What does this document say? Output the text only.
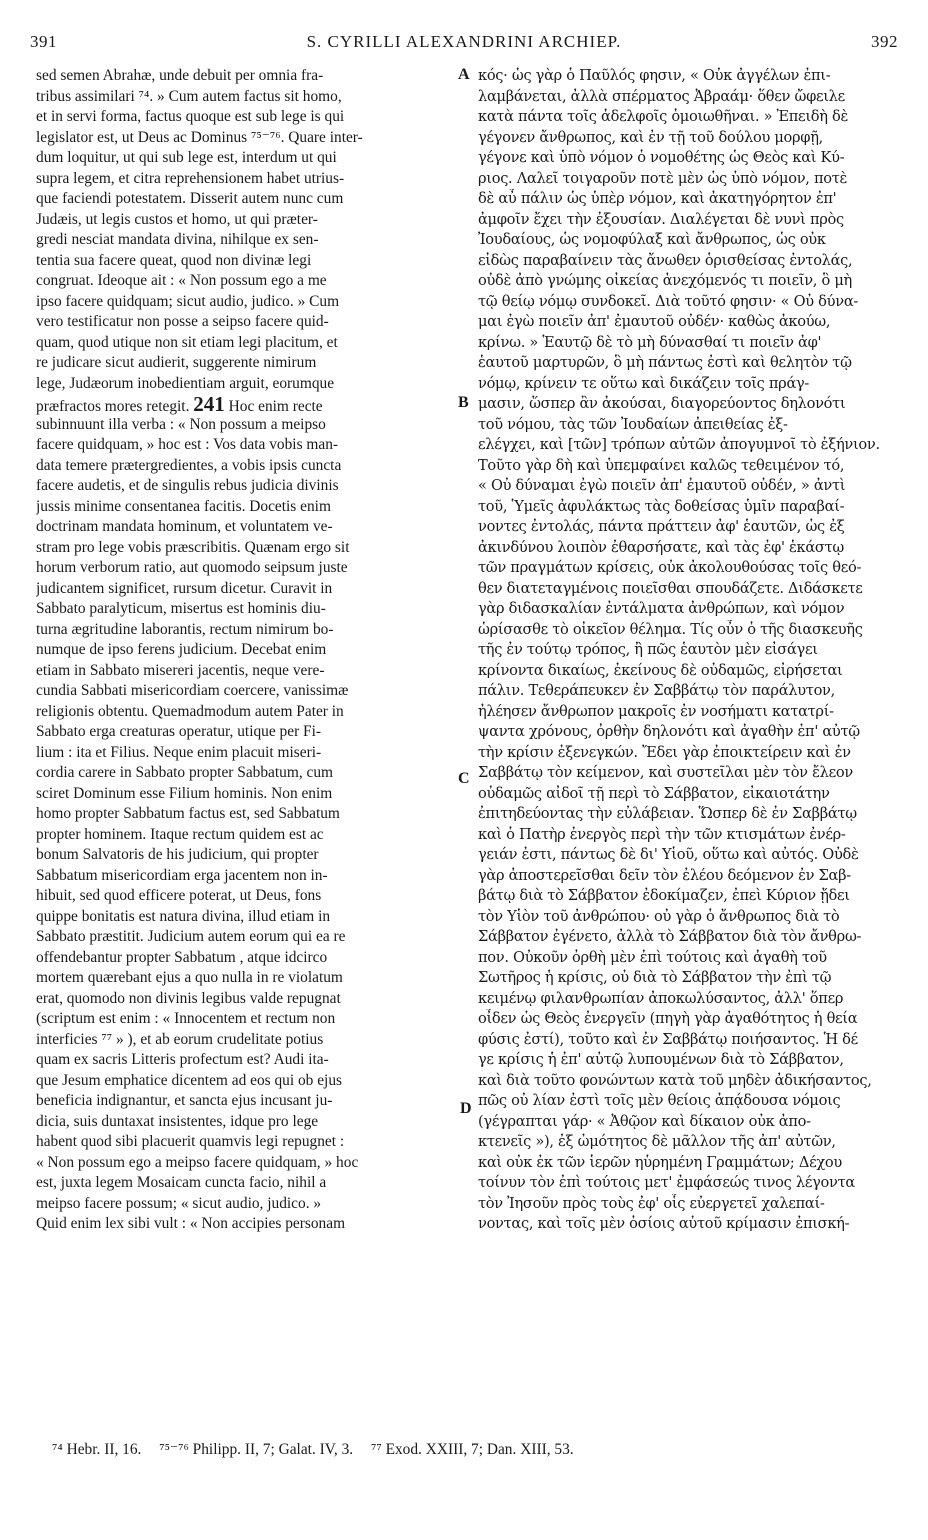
391	S. CYRILLI ALEXANDRINI ARCHIEP.	392
sed semen Abrahæ, unde debuit per omnia fra-
tribus assimilari ⁷⁴. » Cum autem factus sit homo,
et in servi forma, factus quoque est sub lege is qui
legislator est, ut Deus ac Dominus ⁷⁵⁻⁷⁶. Quare inter-
dum loquitur, ut qui sub lege est, interdum ut qui
supra legem, et citra reprehensionem habet utrius-
que faciendi potestatem. Disserit autem nunc cum
Judæis, ut legis custos et homo, ut qui præter-
gredi nesciat mandata divina, nihilque ex sen-
tentia sua facere queat, quod non divinæ legi
congruat. Ideoque ait : « Non possum ego a me
ipso facere quidquam; sicut audio, judico. » Cum
vero testificatur non posse a seipso facere quid-
quam, quod utique non sit etiam legi placitum, et
re judicare sicut audierit, suggerente nimirum
lege, Judæorum inobedientiam arguit, eorumque
præfractos mores retegit. 241 Hoc enim recte
subinnuunt illa verba : « Non possum a meipso
facere quidquam, » hoc est : Vos data vobis man-
data temere prætergredientes, a vobis ipsis cuncta
facere audetis, et de singulis rebus judicia divinis
jussis minime consentanea facitis. Docetis enim
doctrinam mandata hominum, et voluntatem ve-
stram pro lege vobis præscribitis. Quænam ergo sit
horum verborum ratio, aut quomodo seipsum juste
judicantem significet, rursum dicetur. Curavit in
Sabbato paralyticum, misertus est hominis diu-
turna ægritudine laborantis, rectum nimirum bo-
numque de ipso ferens judicium. Decebat enim
etiam in Sabbato misereri jacentis, neque vere-
cundia Sabbati misericordiam coercere, vanissimæ
religionis obtentu. Quemadmodum autem Pater in
Sabbato erga creaturas operatur, utique per Fi-
lium : ita et Filius. Neque enim placuit miseri-
cordia carere in Sabbato propter Sabbatum, cum
sciret Dominum esse Filium hominis. Non enim
homo propter Sabbatum factus est, sed Sabbatum
propter hominem. Itaque rectum quidem est ac
bonum Salvatoris de his judicium, qui propter
Sabbatum misericordiam erga jacentem non in-
hibuit, sed quod efficere poterat, ut Deus, fons
quippe bonitatis est natura divina, illud etiam in
Sabbato præstitit. Judicium autem eorum qui ea re
offendebantur propter Sabbatum , atque idcirco
mortem quærebant ejus a quo nulla in re violatum
erat, quomodo non divinis legibus valde repugnat
(scriptum est enim : « Innocentem et rectum non
interficies ⁷⁷ » ), et ab eorum crudelitate potius
quam ex sacris Litteris profectum est? Audi ita-
que Jesum emphatice dicentem ad eos qui ob ejus
beneficia indignantur, et sancta ejus incusant ju-
dicia, suis duntaxat insistentes, idque pro lege
habent quod sibi placuerit quamvis legi repugnet :
« Non possum ego a meipso facere quidquam, » hoc
est, juxta legem Mosaicam cuncta facio, nihil a
meipso facere possum; « sicut audio, judico. »
Quid enim lex sibi vult : « Non accipies personam
κός· ὡς γὰρ ὁ Παῦλός φησιν, « Οὐκ ἀγγέλων ἐπι-
λαμβάνεται, ἀλλὰ σπέρματος Ἀβραάμ· ὅθεν ὤφειλε
κατὰ πάντα τοῖς ἀδελφοῖς ὁμοιωθῆναι. » Ἐπειδὴ δὲ
γέγονεν ἄνθρωπος, καὶ ἐν τῇ τοῦ δούλου μορφῇ,
γέγονε καὶ ὑπὸ νόμον ὁ νομοθέτης ὡς Θεὸς καὶ Κύ-
ριος. Λαλεῖ τοιγαροῦν ποτὲ μὲν ὡς ὑπὸ νόμον, ποτὲ
δὲ αὖ πάλιν ὡς ὑπὲρ νόμον, καὶ ἀκατηγόρητον ἐπ'
ἀμφοῖν ἔχει τὴν ἐξουσίαν. Διαλέγεται δὲ νυνὶ πρὸς
Ἰουδαίους, ὡς νομοφύλαξ καὶ ἄνθρωπος, ὡς οὐκ
εἰδὼς παραβαίνειν τὰς ἄνωθεν ὁρισθείσας ἐντολάς,
οὐδὲ ἀπὸ γνώμης οἰκείας ἀνεχόμενός τι ποιεῖν, ὃ μὴ
τῷ θείῳ νόμῳ συνδοκεῖ. Διὰ τοῦτό φησιν· « Οὐ δύνα-
μαι ἐγὼ ποιεῖν ἀπ' ἐμαυτοῦ οὐδέν· καθὼς ἀκούω,
κρίνω. » Ἑαυτῷ δὲ τὸ μὴ δύνασθαί τι ποιεῖν ἀφ'
ἑαυτοῦ μαρτυρῶν, ὃ μὴ πάντως ἐστὶ καὶ θελητὸν τῷ
νόμῳ, κρίνειν τε οὕτω καὶ δικάζειν τοῖς πράγ-
μασιν, ὥσπερ ἂν ἀκούσαι, διαγορεύοντος δηλονότι
τοῦ νόμου, τὰς τῶν Ἰουδαίων ἀπειθείας ἐξ-
ελέγχει, καὶ [τῶν] τρόπων αὐτῶν ἀπογυμνοῖ τὸ ἐξήνιον.
Τοῦτο γὰρ δὴ καὶ ὑπεμφαίνει καλῶς τεθειμένον τό,
« Οὐ δύναμαι ἐγὼ ποιεῖν ἀπ' ἐμαυτοῦ οὐδέν, » ἀντὶ
τοῦ, Ὑμεῖς ἀφυλάκτως τὰς δοθείσας ὑμῖν παραβαί-
νοντες ἐντολάς, πάντα πράττειν ἀφ' ἑαυτῶν, ὡς ἐξ
ἀκινδύνου λοιπὸν ἐθαρσήσατε, καὶ τὰς ἐφ' ἑκάστῳ
τῶν πραγμάτων κρίσεις, οὐκ ἀκολουθούσας τοῖς θεό-
θεν διατεταγμένοις ποιεῖσθαι σπουδάζετε. Διδάσκετε
γὰρ διδασκαλίαν ἐντάλματα ἀνθρώπων, καὶ νόμον
ὡρίσασθε τὸ οἰκεῖον θέλημα. Τίς οὖν ὁ τῆς διασκευῆς
τῆς ἐν τούτῳ τρόπος, ἢ πῶς ἑαυτὸν μὲν εἰσάγει
κρίνοντα δικαίως, ἐκείνους δὲ οὐδαμῶς, εἰρήσεται
πάλιν. Τεθεράπευκεν ἐν Σαββάτῳ τὸν παράλυτον,
ἠλέησεν ἄνθρωπον μακροῖς ἐν νοσήματι κατατρί-
ψαντα χρόνους, ὀρθὴν δηλονότι καὶ ἀγαθὴν ἐπ' αὐτῷ
τὴν κρίσιν ἐξενεγκών. Ἔδει γὰρ ἐποικτείρειν καὶ ἐν
Σαββάτῳ τὸν κείμενον, καὶ συστεῖλαι μὲν τὸν ἔλεον
οὐδαμῶς αἰδοῖ τῇ περὶ τὸ Σάββατον, εἰκαιοτάτην
ἐπιτηδεύοντας τὴν εὐλάβειαν. Ὥσπερ δὲ ἐν Σαββάτῳ
καὶ ὁ Πατὴρ ἐνεργὸς περὶ τὴν τῶν κτισμάτων ἐνέρ-
γειάν ἐστι, πάντως δὲ δι' Υἱοῦ, οὕτω καὶ αὐτός. Οὐδὲ
γὰρ ἀποστερεῖσθαι δεῖν τὸν ἐλέου δεόμενον ἐν Σαβ-
βάτῳ διὰ τὸ Σάββατον ἐδοκίμαζεν, ἐπεὶ Κύριον ᾔδει
τὸν Υἱὸν τοῦ ἀνθρώπου· οὐ γὰρ ὁ ἄνθρωπος διὰ τὸ
Σάββατον ἐγένετο, ἀλλὰ τὸ Σάββατον διὰ τὸν ἄνθρω-
πον. Οὐκοῦν ὀρθὴ μὲν ἐπὶ τούτοις καὶ ἀγαθὴ τοῦ
Σωτῆρος ἡ κρίσις, οὐ διὰ τὸ Σάββατον τὴν ἐπὶ τῷ
κειμένῳ φιλανθρωπίαν ἀποκωλύσαντος, ἀλλ' ὅπερ
οἶδεν ὡς Θεὸς ἐνεργεῖν (πηγὴ γὰρ ἀγαθότητος ἡ θεία
φύσις ἐστί), τοῦτο καὶ ἐν Σαββάτῳ ποιήσαντος. Ἡ δέ
γε κρίσις ἡ ἐπ' αὐτῷ λυπουμένων διὰ τὸ Σάββατον,
καὶ διὰ τοῦτο φονώντων κατὰ τοῦ μηδὲν ἀδικήσαντος,
πῶς οὐ λίαν ἐστὶ τοῖς μὲν θείοις ἀπᾴδουσα νόμοις
(γέγραπται γάρ· « Ἀθῷον καὶ δίκαιον οὐκ ἀπο-
κτενεῖς »), ἐξ ὠμότητος δὲ μᾶλλον τῆς ἀπ' αὐτῶν,
καὶ οὐκ ἐκ τῶν ἱερῶν ηὑρημένη Γραμμάτων; Δέχου
τοίνυν τὸν ἐπὶ τούτοις μετ' ἐμφάσεώς τινος λέγοντα
τὸν Ἰησοῦν πρὸς τοὺς ἐφ' οἷς εὐεργετεῖ χαλεπαί-
νοντας, καὶ τοῖς μὲν ὁσίοις αὐτοῦ κρίμασιν ἐπισκή-
A
B
C
D
⁷⁴ Hebr. II, 16. ⁷⁵⁻⁷⁶ Philipp. II, 7; Galat. IV, 3. ⁷⁷ Exod. XXIII, 7; Dan. XIII, 53.
